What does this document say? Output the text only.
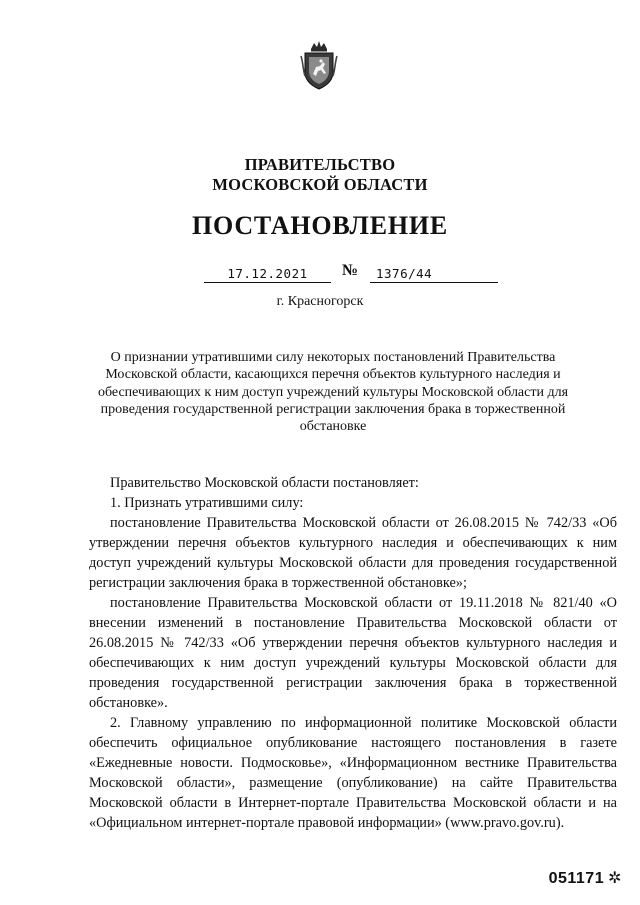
ПРАВИТЕЛЬСТВО
МОСКОВСКОЙ ОБЛАСТИ
ПОСТАНОВЛЕНИЕ
17.12.2021	№	1376/44
г. Красногорск
О признании утратившими силу некоторых постановлений Правительства Московской области, касающихся перечня объектов культурного наследия и обеспечивающих к ним доступ учреждений культуры Московской области для проведения государственной регистрации заключения брака в торжественной обстановке

Правительство Московской области постановляет:

1. Признать утратившими силу:

постановление Правительства Московской области от 26.08.2015 № 742/33 «Об утверждении перечня объектов культурного наследия и обеспечивающих к ним доступ учреждений культуры Московской области для проведения государственной регистрации заключения брака в торжественной обстановке»;

постановление Правительства Московской области от 19.11.2018 № 821/40 «О внесении изменений в постановление Правительства Московской области от 26.08.2015 № 742/33 «Об утверждении перечня объектов культурного наследия и обеспечивающих к ним доступ учреждений культуры Московской области для проведения государственной регистрации заключения брака в торжественной обстановке».

2. Главному управлению по информационной политике Московской области обеспечить официальное опубликование настоящего постановления в газете «Ежедневные новости. Подмосковье», «Информационном вестнике Правительства Московской области», размещение (опубликование) на сайте Правительства Московской области в Интернет-портале Правительства Московской области и на «Официальном интернет-портале правовой информации» (www.pravo.gov.ru).

051171 ✲
